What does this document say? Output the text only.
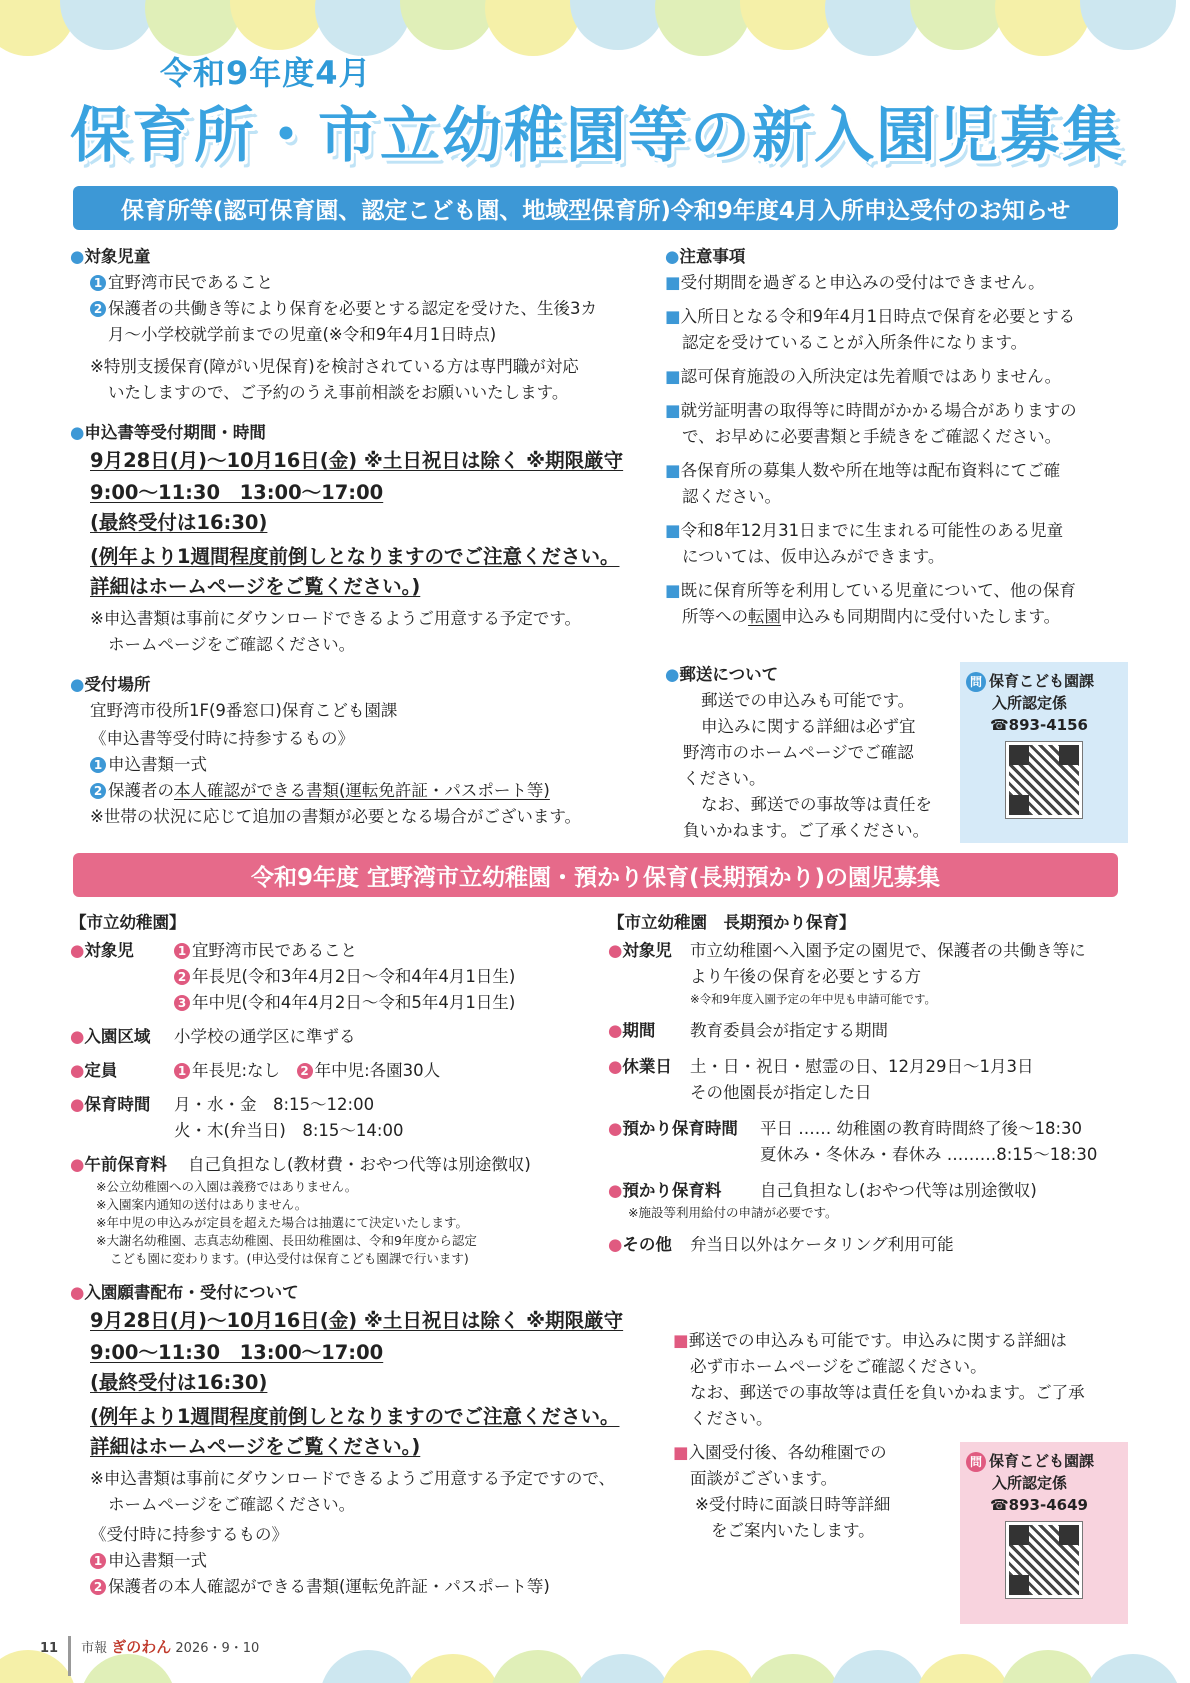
令和9年度4月
保育所・市立幼稚園等の新入園児募集
保育所等(認可保育園、認定こども園、地域型保育所)令和9年度4月入所申込受付のお知らせ

●対象児童

1 宜野湾市民であること

2 保護者の共働き等により保育を必要とする認定を受けた、生後3カ

月～小学校就学前までの児童(※令和9年4月1日時点)

※特別支援保育(障がい児保育)を検討されている方は専門職が対応

いたしますので、ご予約のうえ事前相談をお願いいたします。

●申込書等受付期間・時間

9月28日(月)～10月16日(金) ※土日祝日は除く ※期限厳守

9:00～11:30　13:00～17:00

(最終受付は16:30)

(例年より1週間程度前倒しとなりますのでご注意ください。

詳細はホームページをご覧ください。)

※申込書類は事前にダウンロードできるようご用意する予定です。

ホームページをご確認ください。

●受付場所

宜野湾市役所1F(9番窓口)保育こども園課

《申込書等受付時に持参するもの》

1 申込書類一式

2 保護者の本人確認ができる書類(運転免許証・パスポート等)

※世帯の状況に応じて追加の書類が必要となる場合がございます。

●注意事項

■受付期間を過ぎると申込みの受付はできません。

■入所日となる令和9年4月1日時点で保育を必要とする

認定を受けていることが入所条件になります。

■認可保育施設の入所決定は先着順ではありません。

■就労証明書の取得等に時間がかかる場合がありますの

で、お早めに必要書類と手続きをご確認ください。

■各保育所の募集人数や所在地等は配布資料にてご確

認ください。

■令和8年12月31日までに生まれる可能性のある児童

については、仮申込みができます。

■既に保育所等を利用している児童について、他の保育

所等への転園申込みも同期間内に受付いたします。

●郵送について

郵送での申込みも可能です。

申込みに関する詳細は必ず宜

野湾市のホームページでご確認

ください。

なお、郵送での事故等は責任を

負いかねます。ご了承ください。

問 保育こども園課
入所認定係
☎893-4156
令和9年度 宜野湾市立幼稚園・預かり保育(長期預かり)の園児募集

【市立幼稚園】

●対象児	1 宜野湾市民であること

2 年長児(令和3年4月2日～令和4年4月1日生)

3 年中児(令和4年4月2日～令和5年4月1日生)

●入園区域	小学校の通学区に準ずる
●定員	1 年長児:なし　 2 年中児:各園30人
●保育時間	月・水・金　8:15～12:00

火・木(弁当日)　8:15～14:00

●午前保育料	自己負担なし(教材費・おやつ代等は別途徴収)

※公立幼稚園への入園は義務ではありません。

※入園案内通知の送付はありません。

※年中児の申込みが定員を超えた場合は抽選にて決定いたします。

※大謝名幼稚園、志真志幼稚園、長田幼稚園は、令和9年度から認定

こども園に変わります。(申込受付は保育こども園課で行います)

●入園願書配布・受付について

9月28日(月)～10月16日(金) ※土日祝日は除く ※期限厳守

9:00～11:30　13:00～17:00

(最終受付は16:30)

(例年より1週間程度前倒しとなりますのでご注意ください。

詳細はホームページをご覧ください。)

※申込書類は事前にダウンロードできるようご用意する予定ですので、

ホームページをご確認ください。

《受付時に持参するもの》

1 申込書類一式

2 保護者の本人確認ができる書類(運転免許証・パスポート等)

【市立幼稚園　長期預かり保育】

●対象児	市立幼稚園へ入園予定の園児で、保護者の共働き等に

より午後の保育を必要とする方

※令和9年度入園予定の年中児も申請可能です。

●期間	教育委員会が指定する期間
●休業日	土・日・祝日・慰霊の日、12月29日～1月3日

その他園長が指定した日

●預かり保育時間	平日 …… 幼稚園の教育時間終了後～18:30

夏休み・冬休み・春休み ………8:15～18:30

●預かり保育料	自己負担なし(おやつ代等は別途徴収)

※施設等利用給付の申請が必要です。

●その他	弁当日以外はケータリング利用可能

■郵送での申込みも可能です。申込みに関する詳細は

必ず市ホームページをご確認ください。

なお、郵送での事故等は責任を負いかねます。ご了承

ください。

■入園受付後、各幼稚園での

面談がございます。

※受付時に面談日時等詳細

をご案内いたします。

問 保育こども園課
入所認定係
☎893-4649
11 市報 ぎのわん 2026・9・10
